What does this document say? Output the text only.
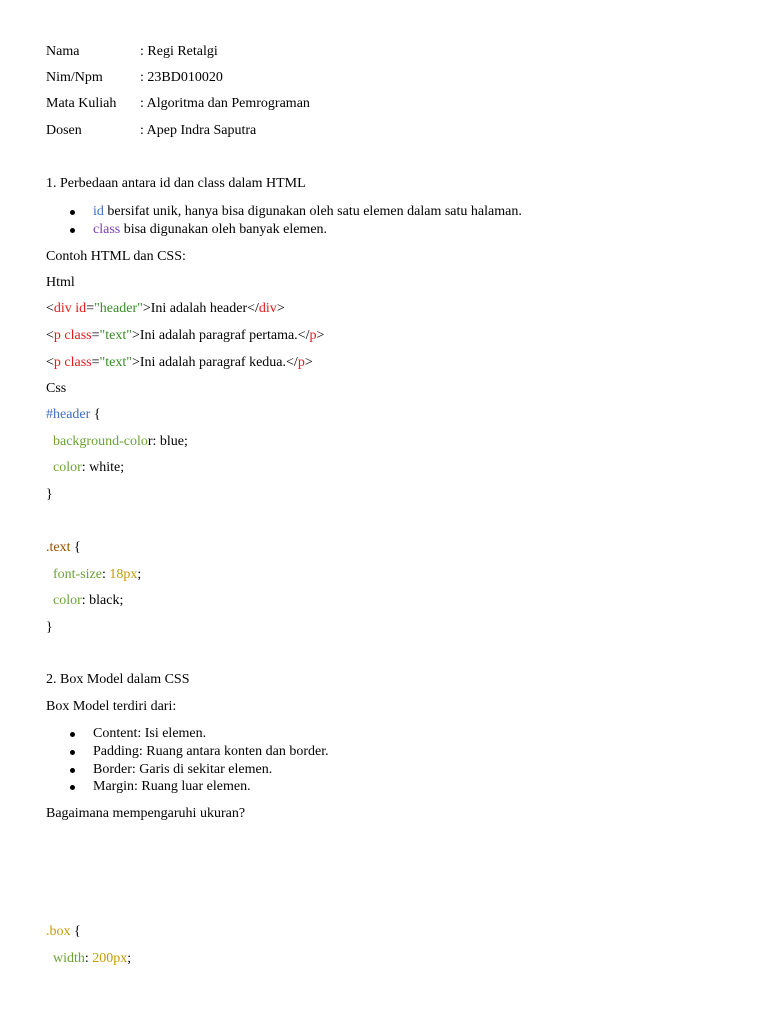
Nama	: Regi Retalgi
Nim/Npm	: 23BD010020
Mata Kuliah : Algoritma dan Pemrograman
Dosen	: Apep Indra Saputra
1. Perbedaan antara id dan class dalam HTML
id bersifat unik, hanya bisa digunakan oleh satu elemen dalam satu halaman.
class bisa digunakan oleh banyak elemen.
Contoh HTML dan CSS:
Html
<div id="header">Ini adalah header</div>
<p class="text">Ini adalah paragraf pertama.</p>
<p class="text">Ini adalah paragraf kedua.</p>
Css
#header {
background-color: blue;
color: white;
}
.text {
font-size: 18px;
color: black;
}
2. Box Model dalam CSS
Box Model terdiri dari:
Content: Isi elemen.
Padding: Ruang antara konten dan border.
Border: Garis di sekitar elemen.
Margin: Ruang luar elemen.
Bagaimana mempengaruhi ukuran?
.box {
width: 200px;
